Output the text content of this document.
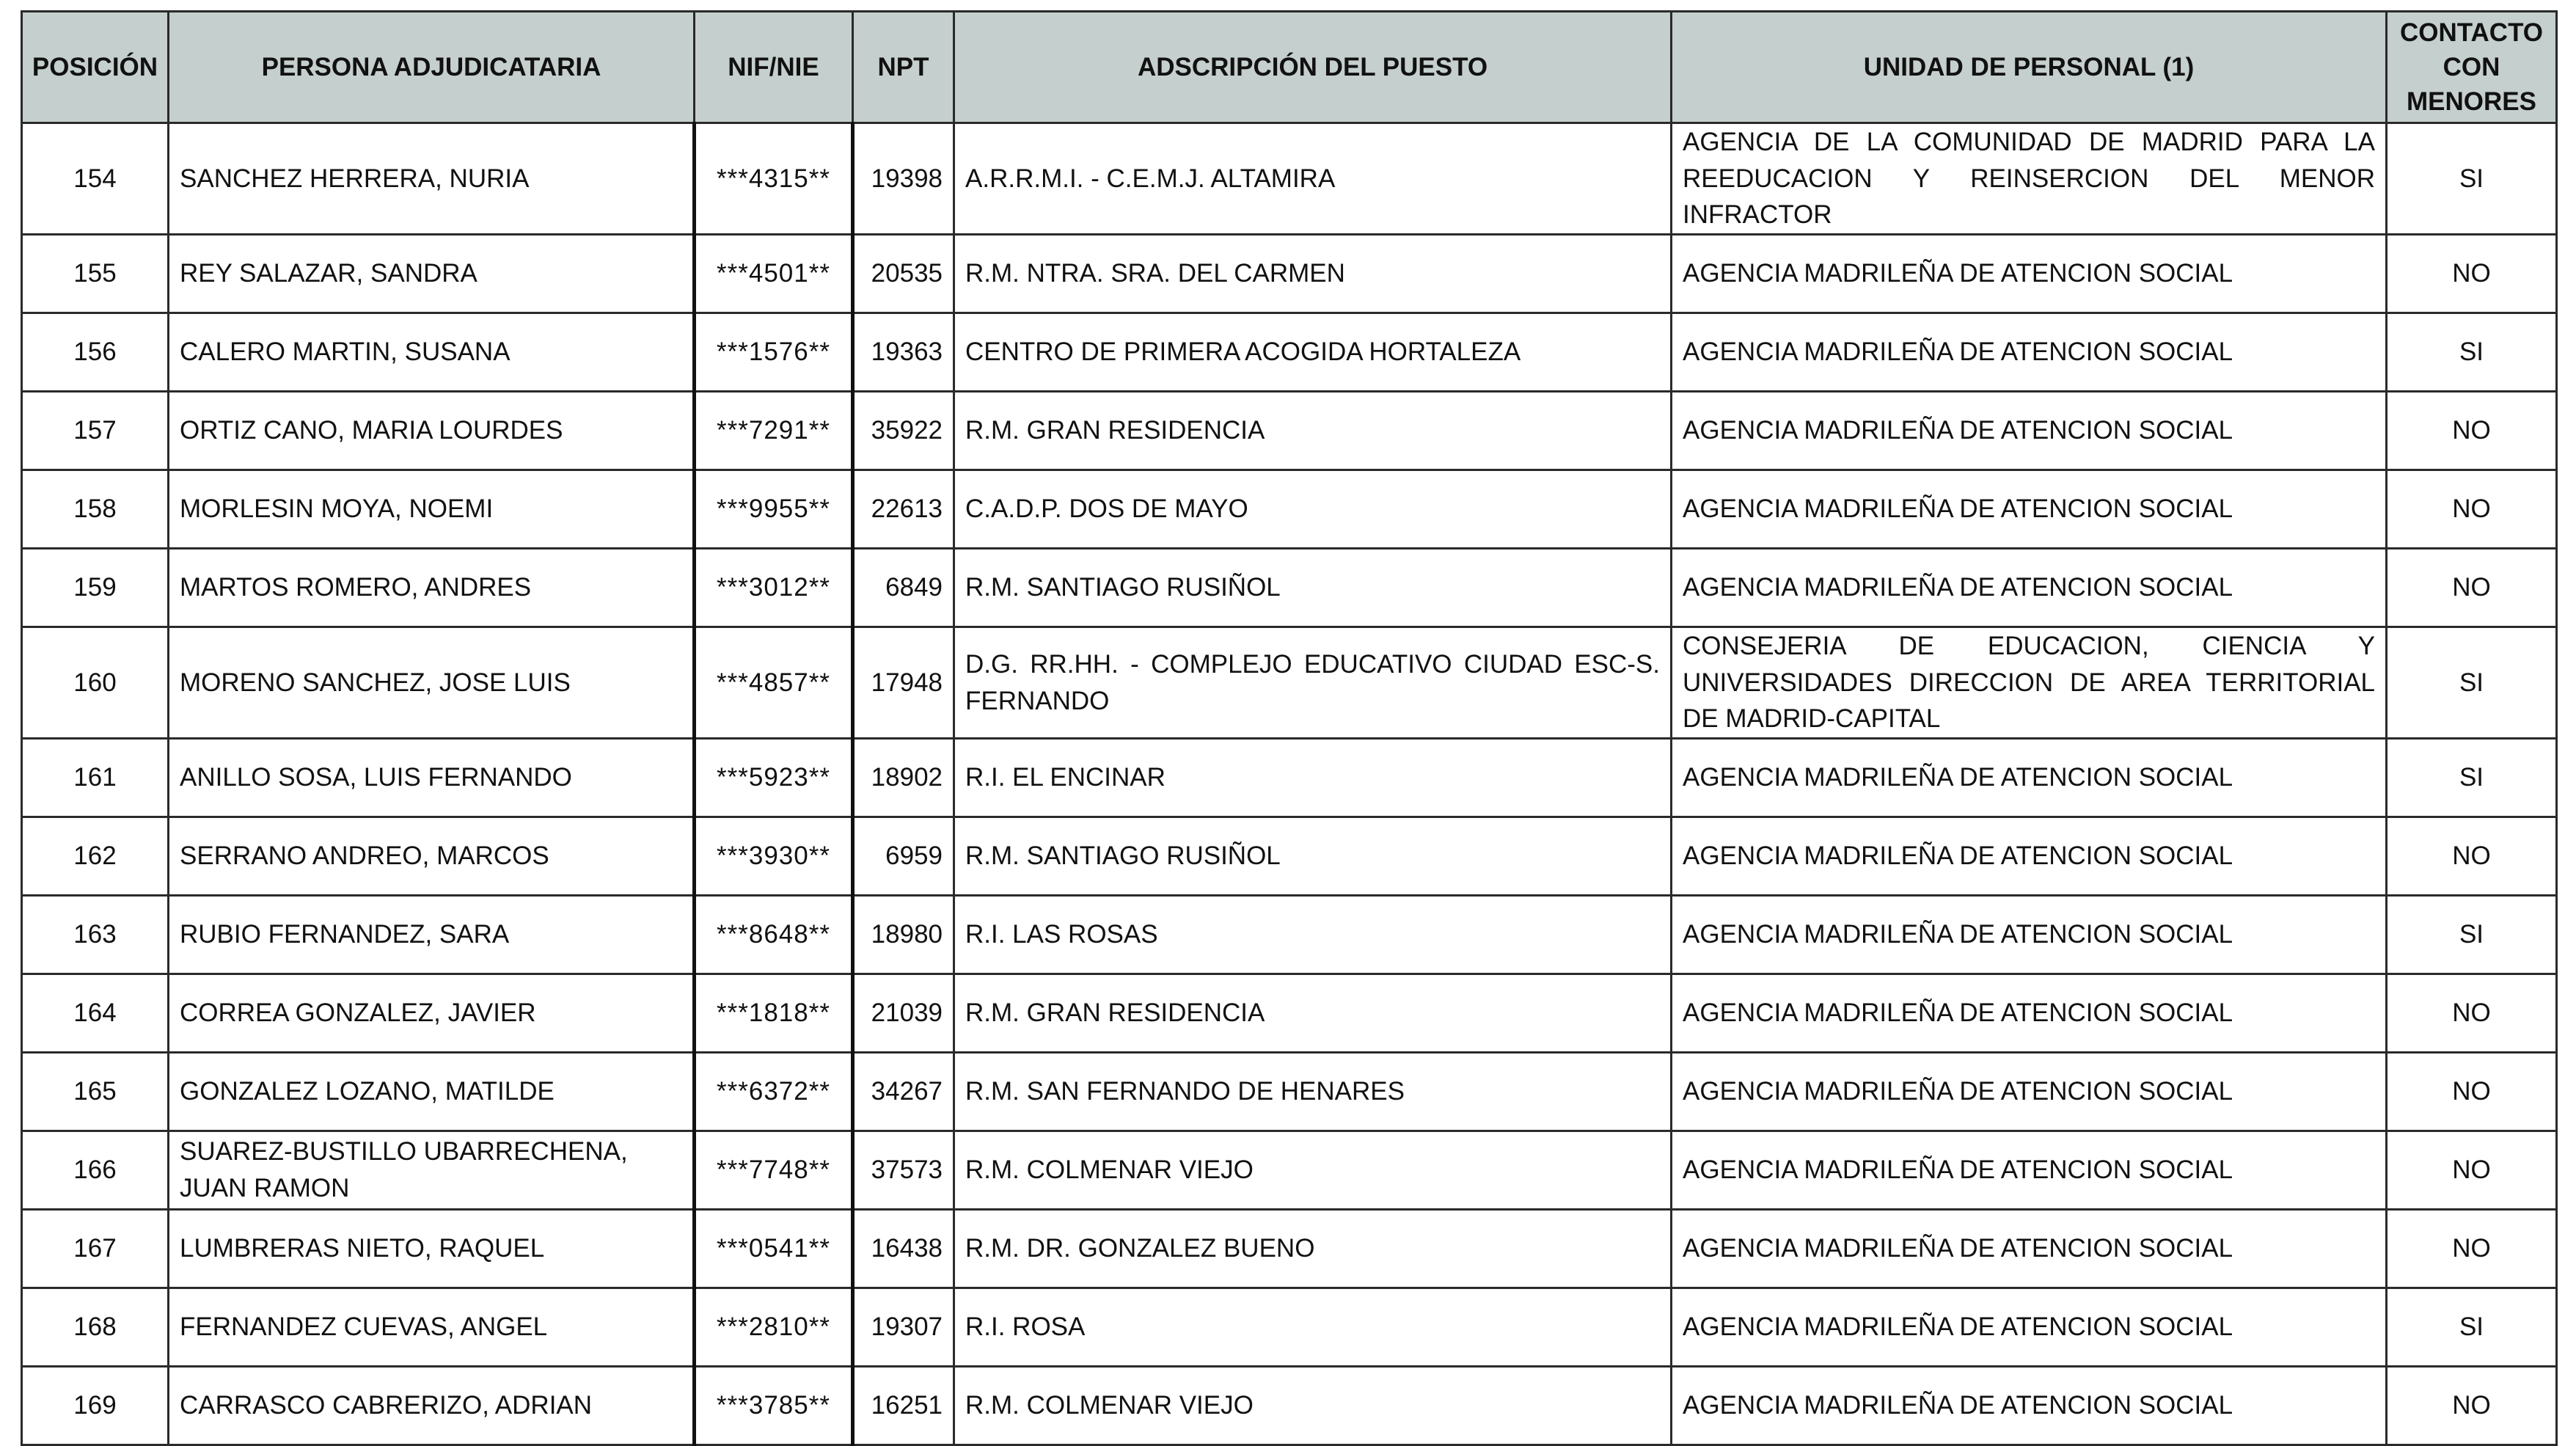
POSICIÓN	PERSONA ADJUDICATARIA	NIF/NIE	NPT	ADSCRIPCIÓN DEL PUESTO	UNIDAD DE PERSONAL (1)	CONTACTO
CON
MENORES
154	SANCHEZ HERRERA, NURIA	***4315**	19398	A.R.R.M.I. - C.E.M.J. ALTAMIRA	AGENCIA DE LA COMUNIDAD DE MADRID PARA LA REEDUCACION Y REINSERCION DEL MENOR INFRACTOR	SI
155	REY SALAZAR, SANDRA	***4501**	20535	R.M. NTRA. SRA. DEL CARMEN	AGENCIA MADRILEÑA DE ATENCION SOCIAL	NO
156	CALERO MARTIN, SUSANA	***1576**	19363	CENTRO DE PRIMERA ACOGIDA HORTALEZA	AGENCIA MADRILEÑA DE ATENCION SOCIAL	SI
157	ORTIZ CANO, MARIA LOURDES	***7291**	35922	R.M. GRAN RESIDENCIA	AGENCIA MADRILEÑA DE ATENCION SOCIAL	NO
158	MORLESIN MOYA, NOEMI	***9955**	22613	C.A.D.P. DOS DE MAYO	AGENCIA MADRILEÑA DE ATENCION SOCIAL	NO
159	MARTOS ROMERO, ANDRES	***3012**	6849	R.M. SANTIAGO RUSIÑOL	AGENCIA MADRILEÑA DE ATENCION SOCIAL	NO
160	MORENO SANCHEZ, JOSE LUIS	***4857**	17948	D.G. RR.HH. - COMPLEJO EDUCATIVO CIUDAD ESC-S. FERNANDO	CONSEJERIA DE EDUCACION, CIENCIA Y UNIVERSIDADES DIRECCION DE AREA TERRITORIAL DE MADRID-CAPITAL	SI
161	ANILLO SOSA, LUIS FERNANDO	***5923**	18902	R.I. EL ENCINAR	AGENCIA MADRILEÑA DE ATENCION SOCIAL	SI
162	SERRANO ANDREO, MARCOS	***3930**	6959	R.M. SANTIAGO RUSIÑOL	AGENCIA MADRILEÑA DE ATENCION SOCIAL	NO
163	RUBIO FERNANDEZ, SARA	***8648**	18980	R.I. LAS ROSAS	AGENCIA MADRILEÑA DE ATENCION SOCIAL	SI
164	CORREA GONZALEZ, JAVIER	***1818**	21039	R.M. GRAN RESIDENCIA	AGENCIA MADRILEÑA DE ATENCION SOCIAL	NO
165	GONZALEZ LOZANO, MATILDE	***6372**	34267	R.M. SAN FERNANDO DE HENARES	AGENCIA MADRILEÑA DE ATENCION SOCIAL	NO
166	SUAREZ-BUSTILLO UBARRECHENA, JUAN RAMON	***7748**	37573	R.M. COLMENAR VIEJO	AGENCIA MADRILEÑA DE ATENCION SOCIAL	NO
167	LUMBRERAS NIETO, RAQUEL	***0541**	16438	R.M. DR. GONZALEZ BUENO	AGENCIA MADRILEÑA DE ATENCION SOCIAL	NO
168	FERNANDEZ CUEVAS, ANGEL	***2810**	19307	R.I. ROSA	AGENCIA MADRILEÑA DE ATENCION SOCIAL	SI
169	CARRASCO CABRERIZO, ADRIAN	***3785**	16251	R.M. COLMENAR VIEJO	AGENCIA MADRILEÑA DE ATENCION SOCIAL	NO
